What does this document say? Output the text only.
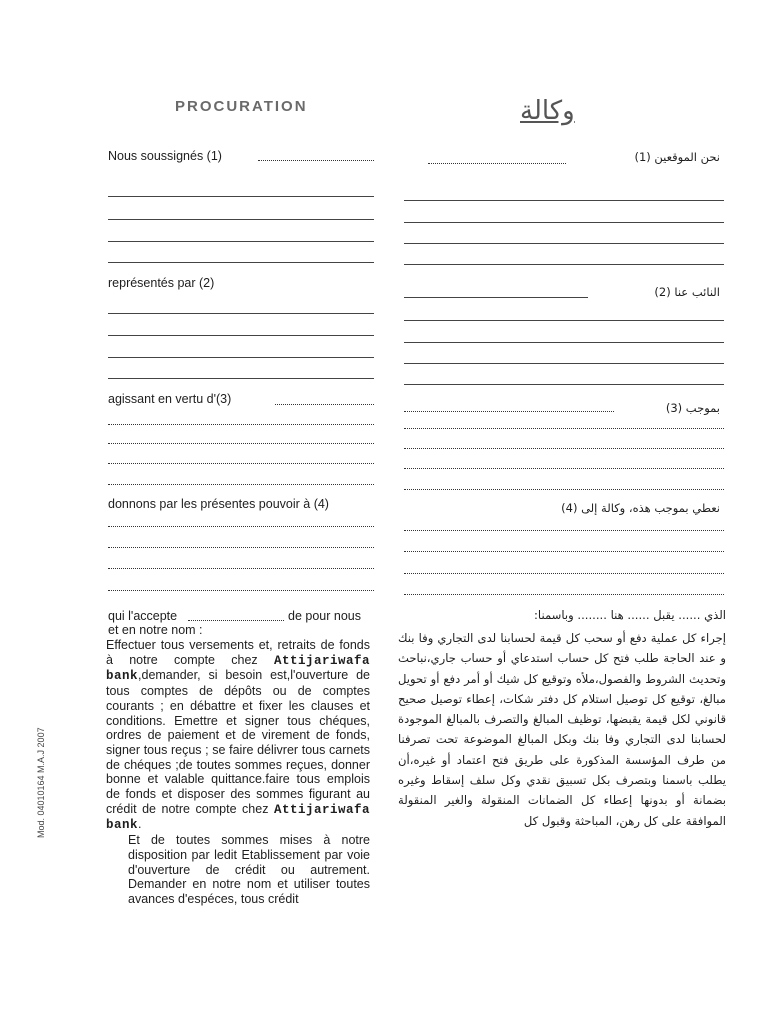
PROCURATION	وكالة
Nous soussignés (1)	نحن الموقعين (1)
représentés par (2)
النائب عنا (2)
agissant en vertu d'(3)
بموجب (3)
donnons par les présentes pouvoir à (4)	نعطي بموجب هذه، وكالة إلى (4)
qui l'accepte	de pour nous
et en notre nom :
Effectuer tous versements et, retraits de fonds à notre compte chez Attijariwafa bank,demander, si besoin est,l'ouverture de tous comptes de dépôts ou de comptes courants ; en débattre et fixer les clauses et conditions. Emettre et signer tous chéques, ordres de paiement et de virement de fonds, signer tous reçus ; se faire délivrer tous carnets de chéques ;de toutes sommes reçues, donner bonne et valable quittance.faire tous emplois de fonds et disposer des sommes figurant au crédit de notre compte chez Attijariwafa bank.
Et de toutes sommes mises à notre disposition par ledit Etablissement par voie d'ouverture de crédit ou autrement. Demander en notre nom et utiliser toutes avances d'espéces, tous crédit
الذي ...... يقبل ...... هنا ........ وباسمنا:
إجراء كل عملية دفع أو سحب كل قيمة لحسابنا لدى التجاري وفا بنك و عند الحاجة طلب فتح كل حساب استدعاي أو حساب جاري،نباحث وتحديث الشروط والفصول،ملأه وتوقيع كل شيك أو أمر دفع أو تحويل مبالغ، توقيع كل توصيل استلام كل دفتر شكات، إعطاء توصيل صحيح قانوني لكل قيمة يقبضها، توظيف المبالغ والتصرف بالمبالغ الموجودة لحسابنا لدى التجاري وفا بنك وبكل المبالغ الموضوعة تحت تصرفنا من طرف المؤسسة المذكورة على طريق فتح اعتماد أو غيره،أن يطلب باسمنا وبتصرف بكل تسبيق نقدي وكل سلف إسقاط وغيره بضمانة أو بدونها إعطاء كل الضمانات المنقولة والغير المنقولة الموافقة على كل رهن، المباحثة وقبول كل
Mod. 04010164 M.A.J 2007
